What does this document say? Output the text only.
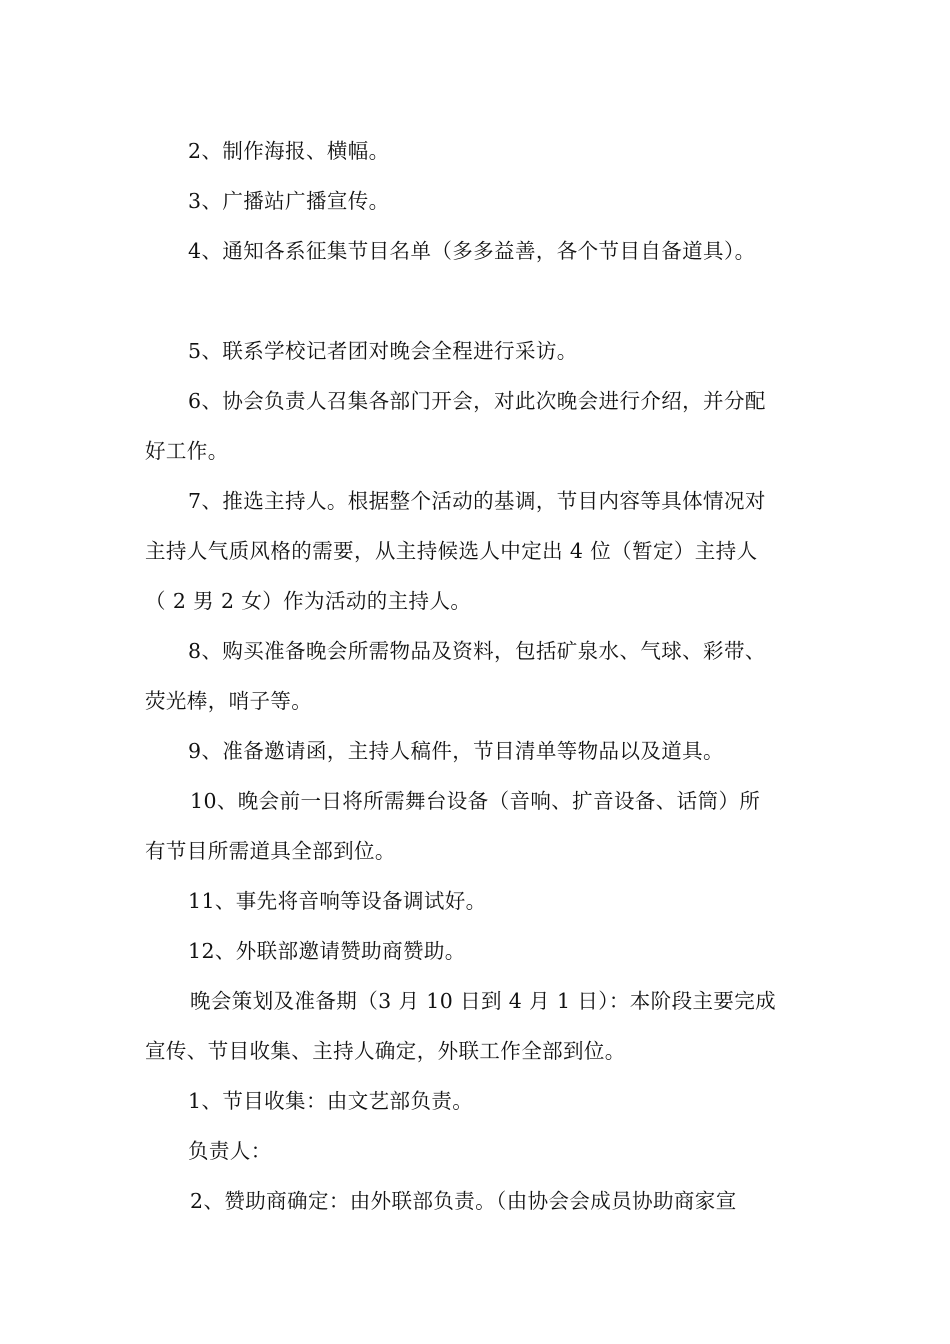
2、制作海报、横幅。
3、广播站广播宣传。
4、通知各系征集节目名单（多多益善，各个节目自备道具）。
5、联系学校记者团对晚会全程进行采访。
6、协会负责人召集各部门开会，对此次晚会进行介绍，并分配
好工作。
7、推选主持人。根据整个活动的基调，节目内容等具体情况对
主持人气质风格的需要，从主持候选人中定出 4 位（暂定）主持人
（ 2 男 2 女）作为活动的主持人。
8、购买准备晚会所需物品及资料，包括矿泉水、气球、彩带、
荧光棒，哨子等。
9、准备邀请函，主持人稿件，节目清单等物品以及道具。
10、晚会前一日将所需舞台设备（音响、扩音设备、话筒）所
有节目所需道具全部到位。
11、事先将音响等设备调试好。
12、外联部邀请赞助商赞助。
晚会策划及准备期（3 月 10 日到 4 月 1 日）：本阶段主要完成
宣传、节目收集、主持人确定，外联工作全部到位。
1、节目收集：由文艺部负责。
负责人：
2、赞助商确定：由外联部负责。（由协会会成员协助商家宣
